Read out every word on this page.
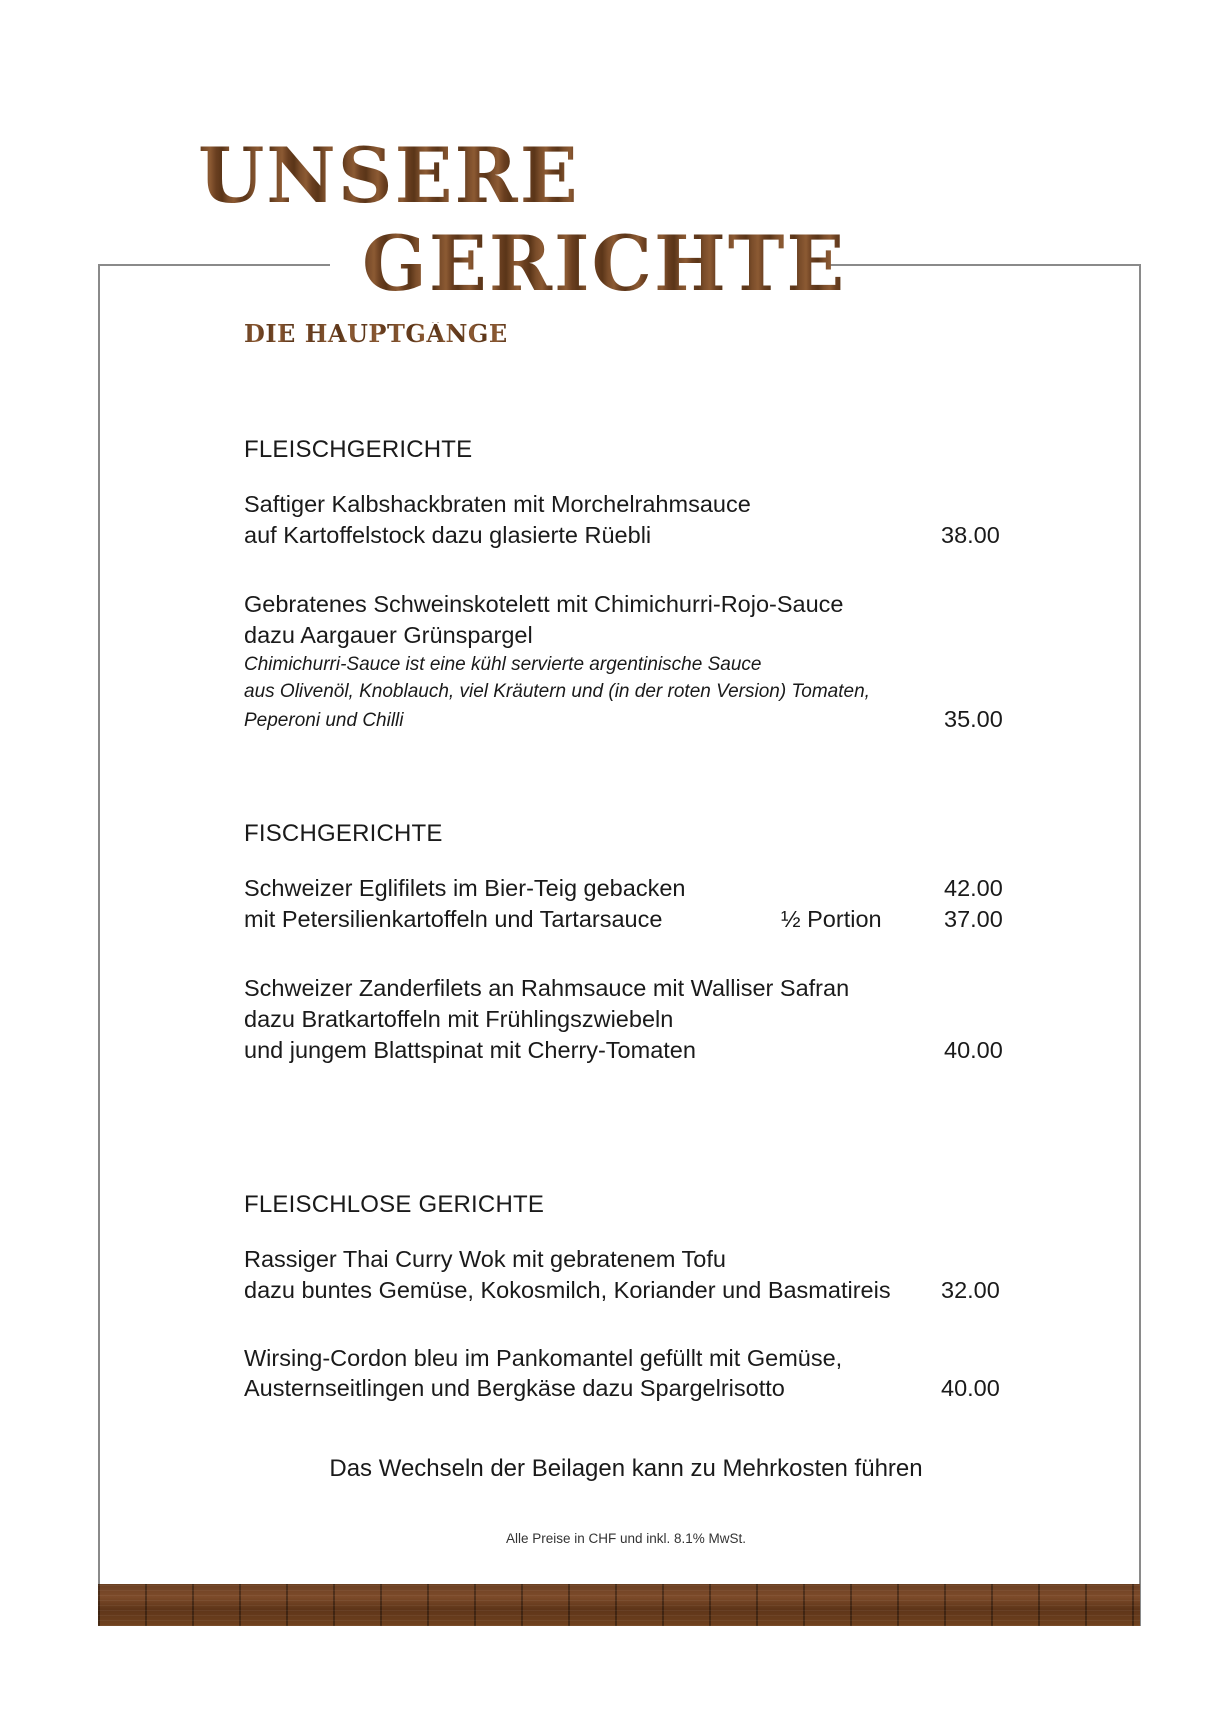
UNSERE
GERICHTE
DIE HAUPTGÄNGE
FLEISCHGERICHTE
Saftiger Kalbshackbraten mit Morchelrahmsauce
auf Kartoffelstock dazu glasierte Rüebli	38.00
Gebratenes Schweinskotelett mit Chimichurri-Rojo-Sauce
dazu Aargauer Grünspargel
Chimichurri-Sauce ist eine kühl servierte argentinische Sauce
aus Olivenöl, Knoblauch, viel Kräutern und (in der roten Version) Tomaten,
Peperoni und Chilli	35.00
FISCHGERICHTE
Schweizer Eglifilets im Bier-Teig gebacken	42.00
mit Petersilienkartoffeln und Tartarsauce	½ Portion	37.00
Schweizer Zanderfilets an Rahmsauce mit Walliser Safran
dazu Bratkartoffeln mit Frühlingszwiebeln
und jungem Blattspinat mit Cherry-Tomaten	40.00
FLEISCHLOSE GERICHTE
Rassiger Thai Curry Wok mit gebratenem Tofu
dazu buntes Gemüse, Kokosmilch, Koriander und Basmatireis 32.00
Wirsing-Cordon bleu im Pankomantel gefüllt mit Gemüse,
Austernseitlingen und Bergkäse dazu Spargelrisotto	40.00
Das Wechseln der Beilagen kann zu Mehrkosten führen
Alle Preise in CHF und inkl. 8.1% MwSt.
